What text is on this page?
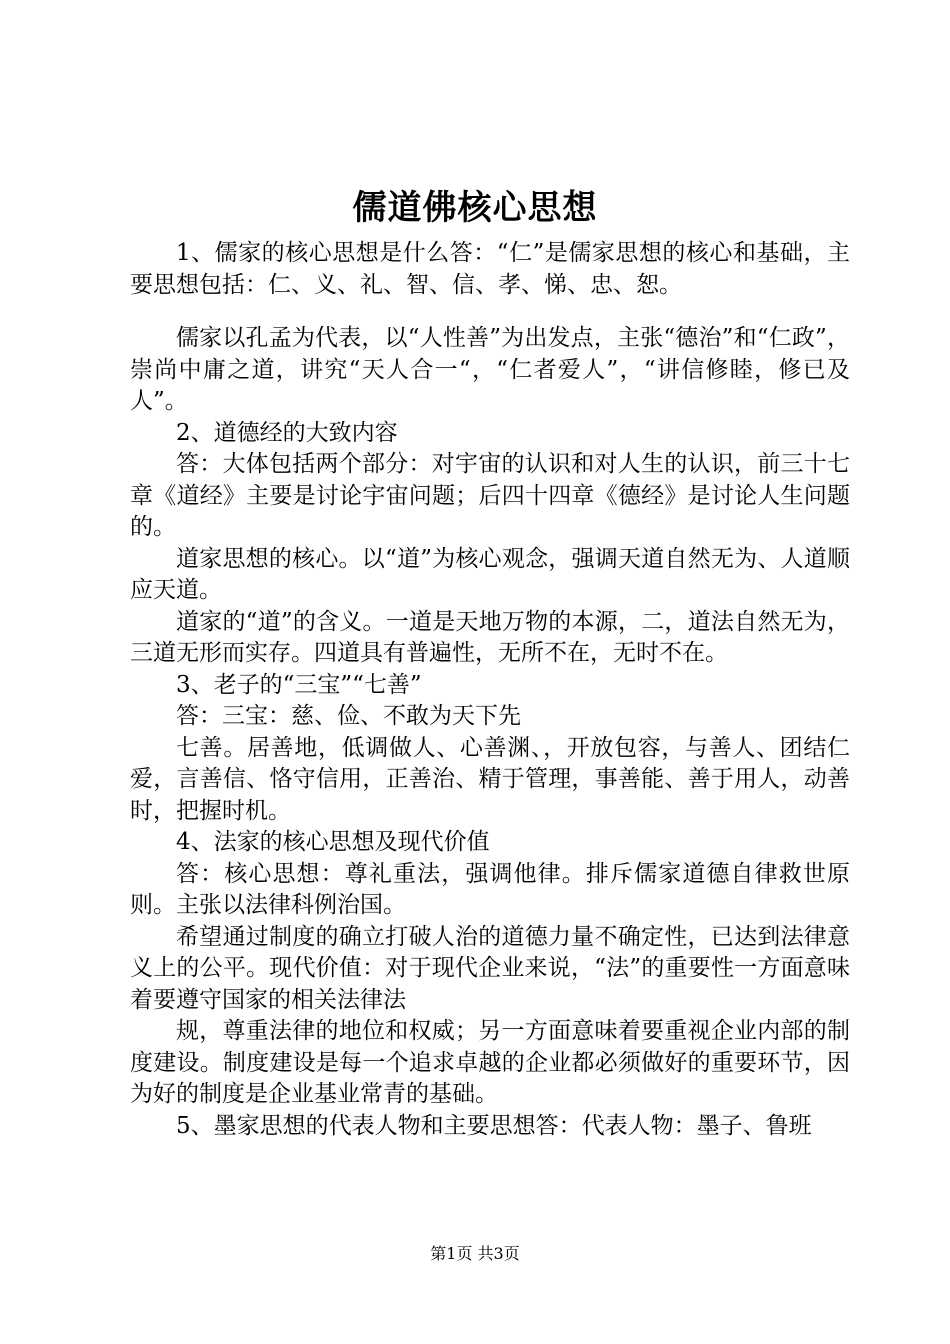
儒道佛核心思想

1、儒家的核心思想是什么答：“仁”是儒家思想的核心和基础，主要思想包括：仁、义、礼、智、信、孝、悌、忠、恕。

儒家以孔孟为代表，以“人性善”为出发点，主张“德治”和“仁政”，崇尚中庸之道，讲究“天人合一“，“仁者爱人”，“讲信修睦，修已及人”。

2、道德经的大致内容

答：大体包括两个部分：对宇宙的认识和对人生的认识，前三十七章《道经》主要是讨论宇宙问题；后四十四章《德经》是讨论人生问题的。

道家思想的核心。以“道”为核心观念，强调天道自然无为、人道顺应天道。

道家的“道”的含义。一道是天地万物的本源，二，道法自然无为，三道无形而实存。四道具有普遍性，无所不在，无时不在。

3、老子的“三宝”“七善”

答：三宝：慈、俭、不敢为天下先

七善。居善地，低调做人、心善渊、，开放包容，与善人、团结仁爱，言善信、恪守信用，正善治、精于管理，事善能、善于用人，动善时，把握时机。

4、法家的核心思想及现代价值

答：核心思想：尊礼重法，强调他律。排斥儒家道德自律救世原则。主张以法律科例治国。

希望通过制度的确立打破人治的道德力量不确定性，已达到法律意义上的公平。现代价值：对于现代企业来说，“法”的重要性一方面意味着要遵守国家的相关法律法

规，尊重法律的地位和权威；另一方面意味着要重视企业内部的制度建设。制度建设是每一个追求卓越的企业都必须做好的重要环节，因为好的制度是企业基业常青的基础。

5、墨家思想的代表人物和主要思想答：代表人物：墨子、鲁班

第1页 共3页
